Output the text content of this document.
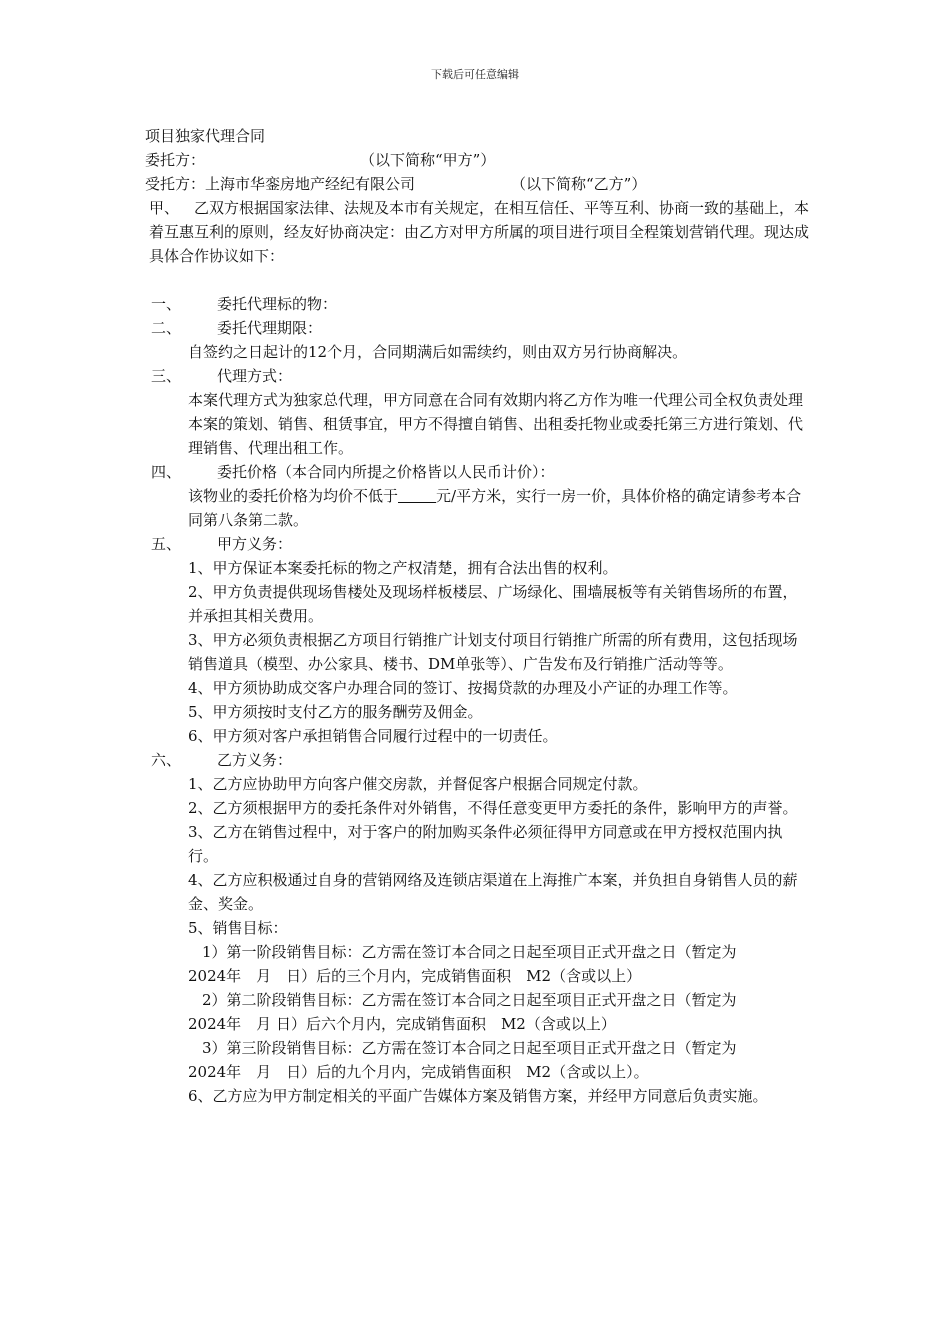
下载后可任意编辑
项目独家代理合同
委托方：	（以下简称“甲方”）
受托方：上海市华銮房地产经纪有限公司	（以下简称“乙方”）
甲、 乙双方根据国家法律、法规及本市有关规定，在相互信任、平等互利、协商一致的基础上，本着互惠互利的原则，经友好协商决定：由乙方对甲方所属的项目进行项目全程策划营销代理。现达成具体合作协议如下：
一、	委托代理标的物：
二、	委托代理期限：
自签约之日起计的12个月，合同期满后如需续约，则由双方另行协商解决。
三、	代理方式：
本案代理方式为独家总代理，甲方同意在合同有效期内将乙方作为唯一代理公司全权负责处理本案的策划、销售、租赁事宜，甲方不得擅自销售、出租委托物业或委托第三方进行策划、代理销售、代理出租工作。
四、	委托价格（本合同内所提之价格皆以人民币计价）：
该物业的委托价格为均价不低于	元/平方米，实行一房一价，具体价格的确定请参考本合同第八条第二款。
五、	甲方义务：

1、甲方保证本案委托标的物之产权清楚，拥有合法出售的权利。

2、甲方负责提供现场售楼处及现场样板楼层、广场绿化、围墙展板等有关销售场所的布置，并承担其相关费用。

3、甲方必须负责根据乙方项目行销推广计划支付项目行销推广所需的所有费用，这包括现场销售道具（模型、办公家具、楼书、DM单张等）、广告发布及行销推广活动等等。

4、甲方须协助成交客户办理合同的签订、按揭贷款的办理及小产证的办理工作等。

5、甲方须按时支付乙方的服务酬劳及佣金。

6、甲方须对客户承担销售合同履行过程中的一切责任。

六、	乙方义务：

1、乙方应协助甲方向客户催交房款，并督促客户根据合同规定付款。

2、乙方须根据甲方的委托条件对外销售，不得任意变更甲方委托的条件，影响甲方的声誉。

3、乙方在销售过程中，对于客户的附加购买条件必须征得甲方同意或在甲方授权范围内执行。

4、乙方应积极通过自身的营销网络及连锁店渠道在上海推广本案，并负担自身销售人员的薪金、奖金。

5、销售目标：

1）第一阶段销售目标：乙方需在签订本合同之日起至项目正式开盘之日（暂定为
2024年　月　日）后的三个月内，完成销售面积　M2（含或以上）
2）第二阶段销售目标：乙方需在签订本合同之日起至项目正式开盘之日（暂定为
2024年　月 日）后六个月内，完成销售面积　M2（含或以上）
3）第三阶段销售目标：乙方需在签订本合同之日起至项目正式开盘之日（暂定为
2024年　月　日）后的九个月内，完成销售面积　M2（含或以上）。

6、乙方应为甲方制定相关的平面广告媒体方案及销售方案，并经甲方同意后负责实施。
